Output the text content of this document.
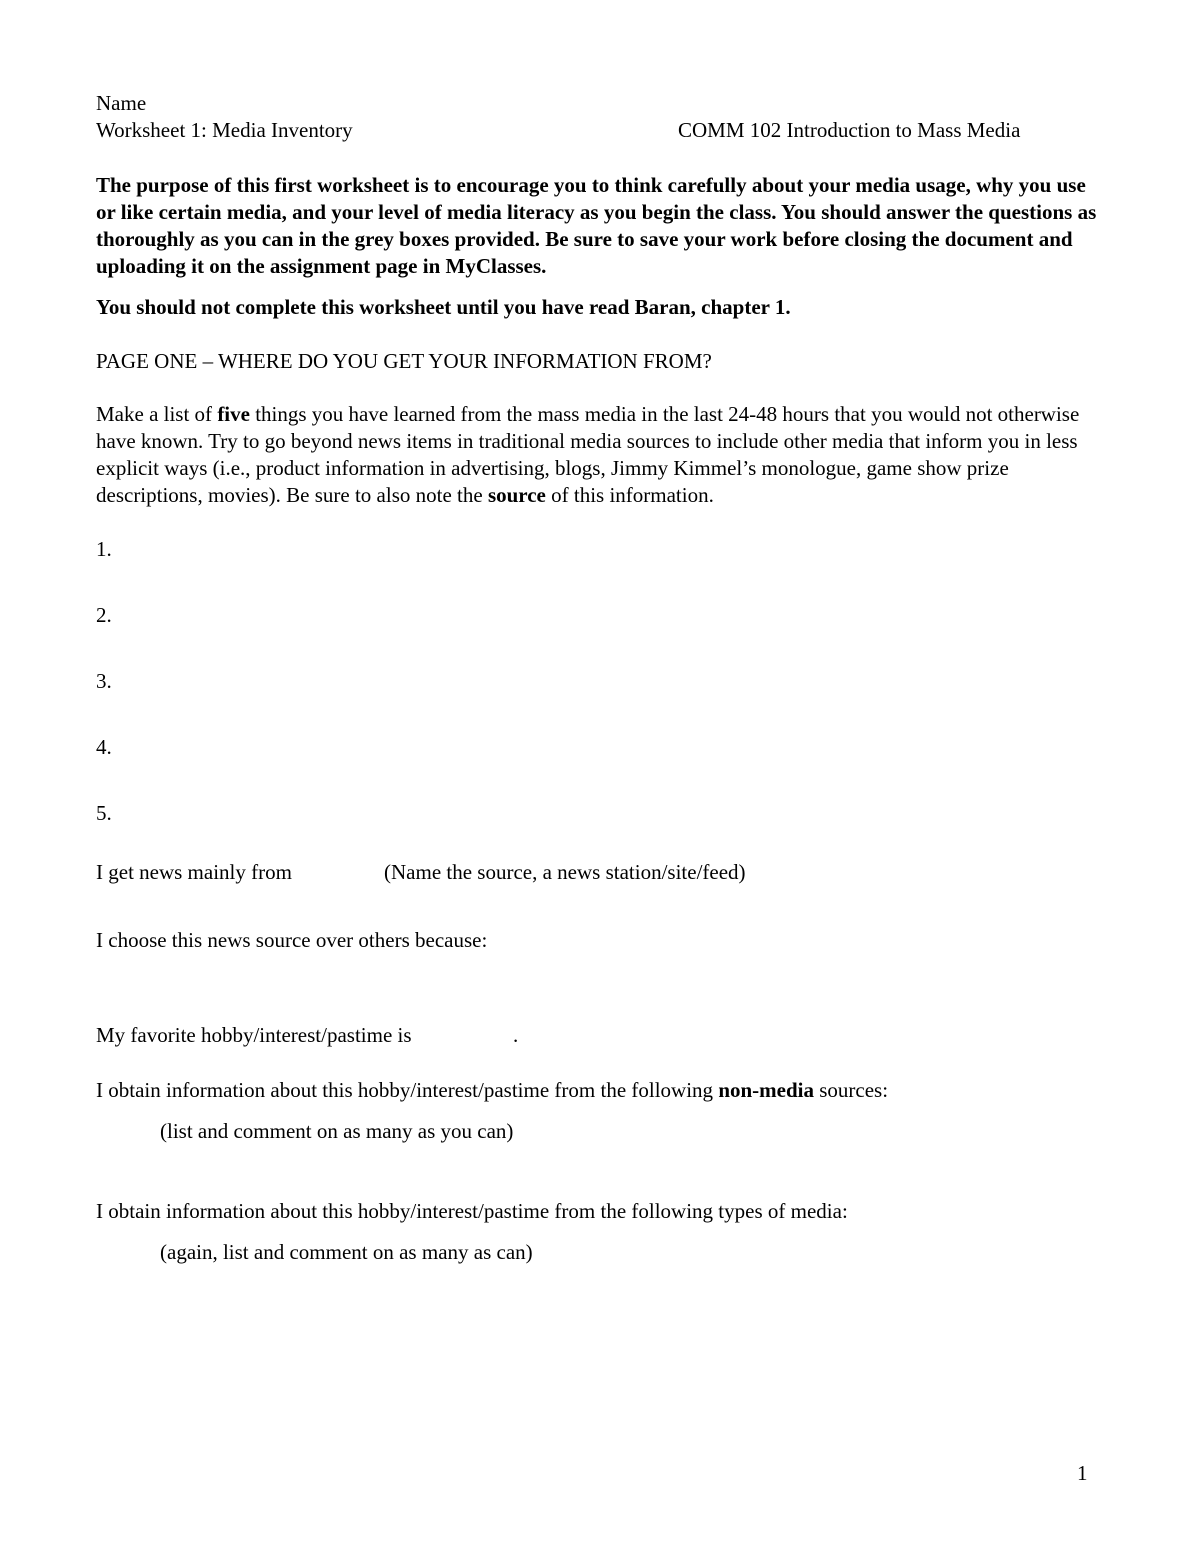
Name

Worksheet 1: Media Inventory	COMM 102 Introduction to Mass Media

The purpose of this first worksheet is to encourage you to think carefully about your media usage, why you use or like certain media, and your level of media literacy as you begin the class. You should answer the questions as thoroughly as you can in the grey boxes provided. Be sure to save your work before closing the document and uploading it on the assignment page in MyClasses.

You should not complete this worksheet until you have read Baran, chapter 1.

PAGE ONE – WHERE DO YOU GET YOUR INFORMATION FROM?

Make a list of five things you have learned from the mass media in the last 24-48 hours that you would not otherwise have known. Try to go beyond news items in traditional media sources to include other media that inform you in less explicit ways (i.e., product information in advertising, blogs, Jimmy Kimmel’s monologue, game show prize descriptions, movies). Be sure to also note the source of this information.

1.

2.

3.

4.

5.

I get news mainly from	(Name the source, a news station/site/feed)

I choose this news source over others because:

My favorite hobby/interest/pastime is	.

I obtain information about this hobby/interest/pastime from the following non-media sources:

(list and comment on as many as you can)

I obtain information about this hobby/interest/pastime from the following types of media:

(again, list and comment on as many as can)

1
